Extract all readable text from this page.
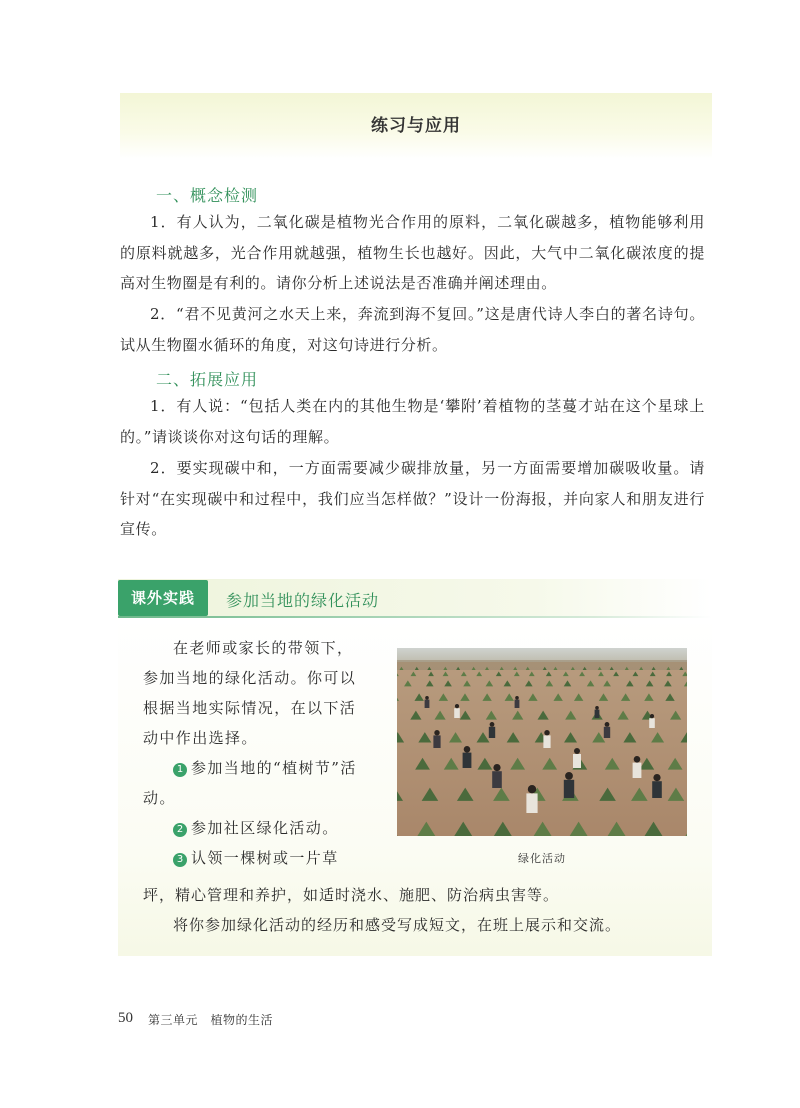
练习与应用
一、概念检测
1．有人认为，二氧化碳是植物光合作用的原料，二氧化碳越多，植物能够利用的原料就越多，光合作用就越强，植物生长也越好。因此，大气中二氧化碳浓度的提高对生物圈是有利的。请你分析上述说法是否准确并阐述理由。
2．“君不见黄河之水天上来，奔流到海不复回。”这是唐代诗人李白的著名诗句。试从生物圈水循环的角度，对这句诗进行分析。
二、拓展应用
1．有人说：“包括人类在内的其他生物是‘攀附’着植物的茎蔓才站在这个星球上的。”请谈谈你对这句话的理解。
2．要实现碳中和，一方面需要减少碳排放量，另一方面需要增加碳吸收量。请针对“在实现碳中和过程中，我们应当怎样做？”设计一份海报，并向家人和朋友进行宣传。
课外实践	参加当地的绿化活动

在老师或家长的带领下，参加当地的绿化活动。你可以根据当地实际情况，在以下活动中作出选择。

1 参加当地的“植树节”活动。

2 参加社区绿化活动。

3 认领一棵树或一片草

坪，精心管理和养护，如适时浇水、施肥、防治病虫害等。

将你参加绿化活动的经历和感受写成短文，在班上展示和交流。

绿化活动
50 第三单元　植物的生活
